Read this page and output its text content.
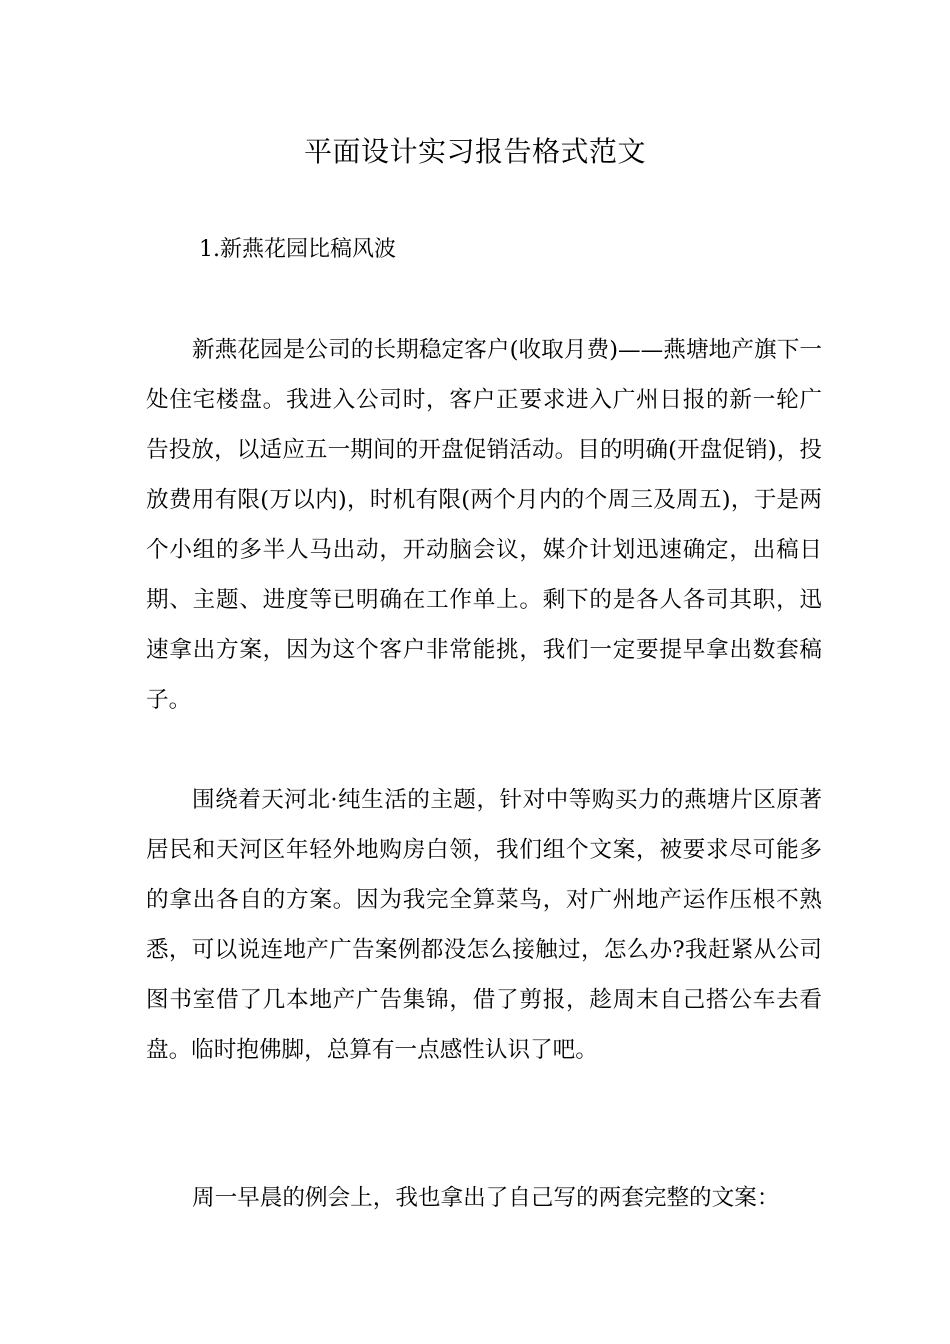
平面设计实习报告格式范文
1.新燕花园比稿风波

新燕花园是公司的长期稳定客户(收取月费)——燕塘地产旗下一处住宅楼盘。我进入公司时，客户正要求进入广州日报的新一轮广告投放，以适应五一期间的开盘促销活动。目的明确(开盘促销)，投放费用有限(万以内)，时机有限(两个月内的个周三及周五)，于是两个小组的多半人马出动，开动脑会议，媒介计划迅速确定，出稿日期、主题、进度等已明确在工作单上。剩下的是各人各司其职，迅速拿出方案，因为这个客户非常能挑，我们一定要提早拿出数套稿子。

围绕着天河北·纯生活的主题，针对中等购买力的燕塘片区原著居民和天河区年轻外地购房白领，我们组个文案，被要求尽可能多的拿出各自的方案。因为我完全算菜鸟，对广州地产运作压根不熟悉，可以说连地产广告案例都没怎么接触过，怎么办?我赶紧从公司图书室借了几本地产广告集锦，借了剪报，趁周末自己搭公车去看盘。临时抱佛脚，总算有一点感性认识了吧。

周一早晨的例会上，我也拿出了自己写的两套完整的文案：
